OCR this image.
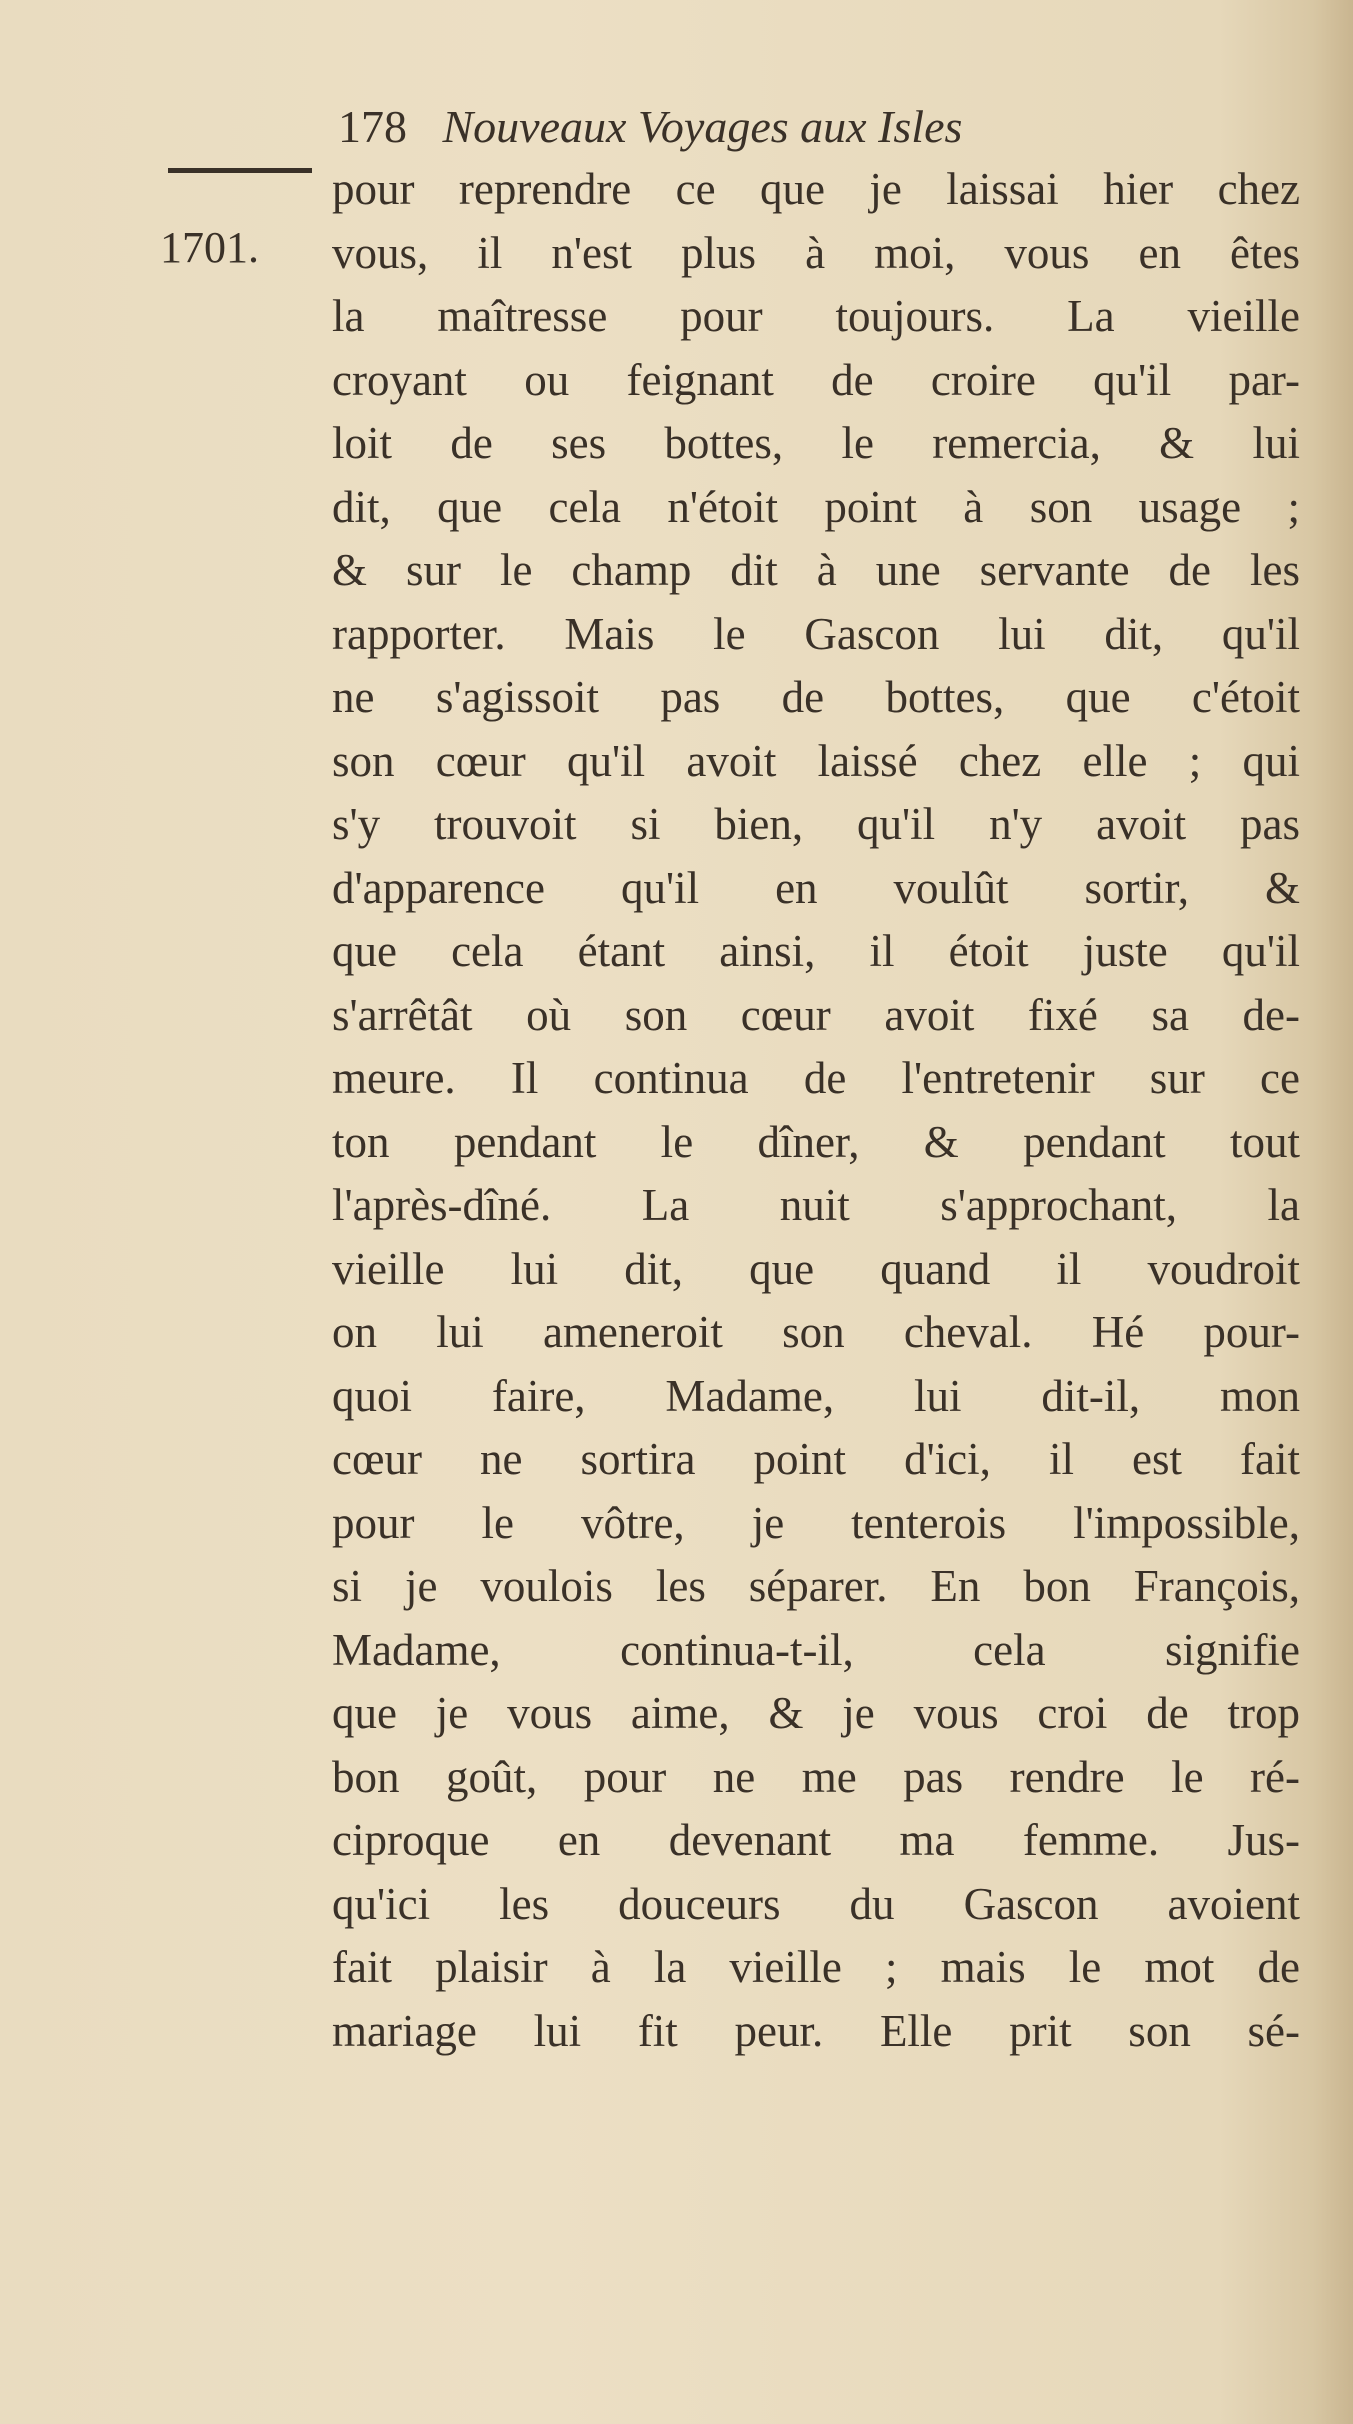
178 Nouveaux Voyages aux Isles
1701.
pour reprendre ce que je laissai hier chez
vous, il n'est plus à moi, vous en êtes
la maîtresse pour toujours. La vieille
croyant ou feignant de croire qu'il par-
loit de ses bottes, le remercia, & lui
dit, que cela n'étoit point à son usage ;
& sur le champ dit à une servante de les
rapporter. Mais le Gascon lui dit, qu'il
ne s'agissoit pas de bottes, que c'étoit
son cœur qu'il avoit laissé chez elle ; qui
s'y trouvoit si bien, qu'il n'y avoit pas
d'apparence qu'il en voulût sortir, &
que cela étant ainsi, il étoit juste qu'il
s'arrêtât où son cœur avoit fixé sa de-
meure. Il continua de l'entretenir sur ce
ton pendant le dîner, & pendant tout
l'après-dîné. La nuit s'approchant, la
vieille lui dit, que quand il voudroit
on lui ameneroit son cheval. Hé pour-
quoi faire, Madame, lui dit-il, mon
cœur ne sortira point d'ici, il est fait
pour le vôtre, je tenterois l'impossible,
si je voulois les séparer. En bon François,
Madame, continua-t-il, cela signifie
que je vous aime, & je vous croi de trop
bon goût, pour ne me pas rendre le ré-
ciproque en devenant ma femme. Jus-
qu'ici les douceurs du Gascon avoient
fait plaisir à la vieille ; mais le mot de
mariage lui fit peur. Elle prit son sé-
